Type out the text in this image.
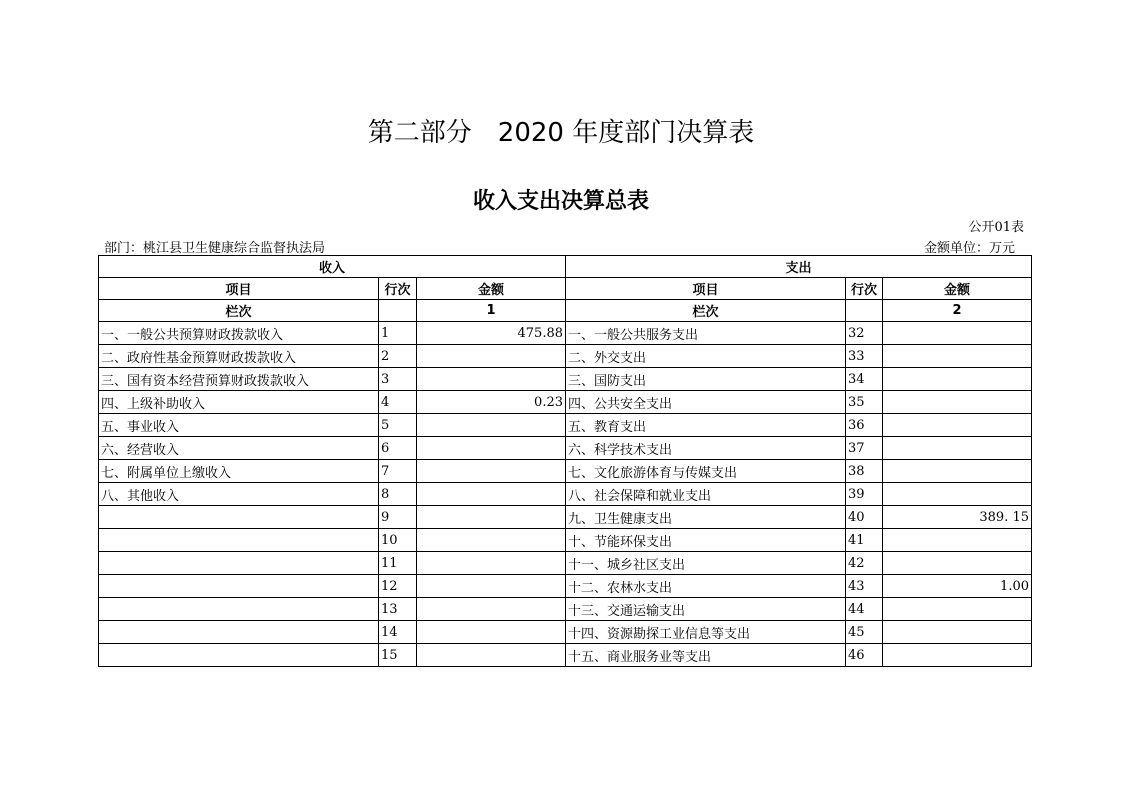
第二部分　2020 年度部门决算表
收入支出决算总表
公开01表
部门：桃江县卫生健康综合监督执法局	金额单位：万元
收入			支出		
项目	行次	金额	项目	行次	金额
栏次		1	栏次		2
一、一般公共预算财政拨款收入	1	475.88	一、一般公共服务支出	32	
二、政府性基金预算财政拨款收入	2		二、外交支出	33	
三、国有资本经营预算财政拨款收入	3		三、国防支出	34	
四、上级补助收入	4	0.23	四、公共安全支出	35	
五、事业收入	5		五、教育支出	36	
六、经营收入	6		六、科学技术支出	37	
七、附属单位上缴收入	7		七、文化旅游体育与传媒支出	38	
八、其他收入	8		八、社会保障和就业支出	39	
	9		九、卫生健康支出	40	389. 15
	10		十、节能环保支出	41	
	11		十一、城乡社区支出	42	
	12		十二、农林水支出	43	1.00
	13		十三、交通运输支出	44	
	14		十四、资源勘探工业信息等支出	45	
	15		十五、商业服务业等支出	46	
